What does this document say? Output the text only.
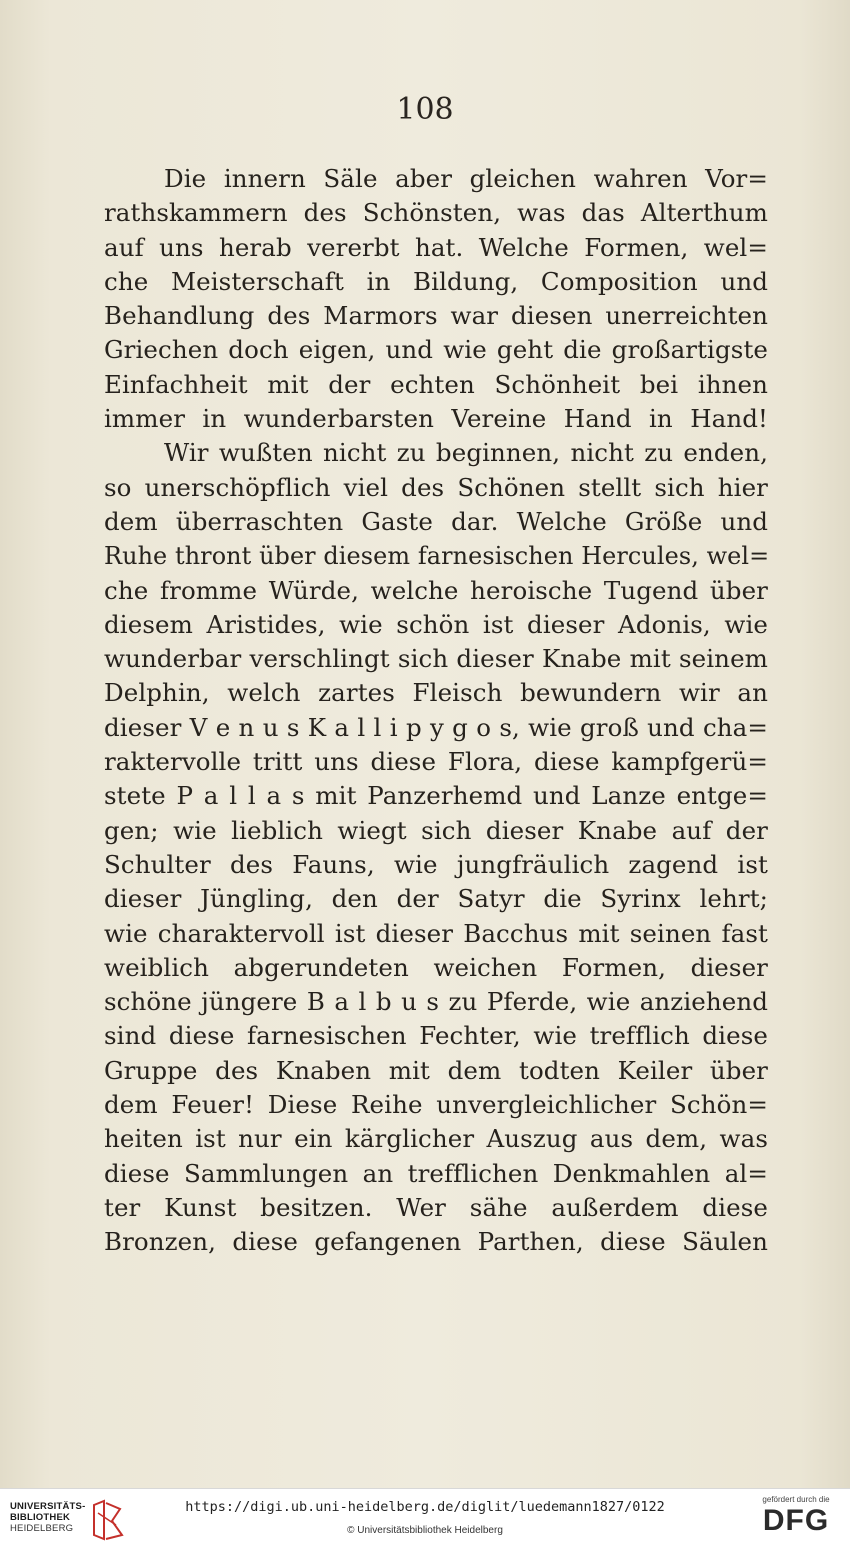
108
Die innern Säle aber gleichen wahren Vor=
rathskammern des Schönsten, was das Alterthum
auf uns herab vererbt hat. Welche Formen, wel=
che Meisterschaft in Bildung, Composition und
Behandlung des Marmors war diesen unerreichten
Griechen doch eigen, und wie geht die großartigste
Einfachheit mit der echten Schönheit bei ihnen
immer in wunderbarsten Vereine Hand in Hand!
Wir wußten nicht zu beginnen, nicht zu enden,
so unerschöpflich viel des Schönen stellt sich hier
dem überraschten Gaste dar. Welche Größe und
Ruhe thront über diesem farnesischen Hercules, wel=
che fromme Würde, welche heroische Tugend über
diesem Aristides, wie schön ist dieser Adonis, wie
wunderbar verschlingt sich dieser Knabe mit seinem
Delphin, welch zartes Fleisch bewundern wir an
dieser V e n u s K a l l i p y g o s, wie groß und cha=
raktervolle tritt uns diese Flora, diese kampfgerü=
stete P a l l a s mit Panzerhemd und Lanze entge=
gen; wie lieblich wiegt sich dieser Knabe auf der
Schulter des Fauns, wie jungfräulich zagend ist
dieser Jüngling, den der Satyr die Syrinx lehrt;
wie charaktervoll ist dieser Bacchus mit seinen fast
weiblich abgerundeten weichen Formen, dieser
schöne jüngere B a l b u s zu Pferde, wie anziehend
sind diese farnesischen Fechter, wie trefflich diese
Gruppe des Knaben mit dem todten Keiler über
dem Feuer! Diese Reihe unvergleichlicher Schön=
heiten ist nur ein kärglicher Auszug aus dem, was
diese Sammlungen an trefflichen Denkmahlen al=
ter Kunst besitzen. Wer sähe außerdem diese
Bronzen, diese gefangenen Parthen, diese Säulen
UNIVERSITÄTS-
BIBLIOTHEK
HEIDELBERG
https://digi.ub.uni-heidelberg.de/diglit/luedemann1827/0122
© Universitätsbibliothek Heidelberg
gefördert durch die
DFG
